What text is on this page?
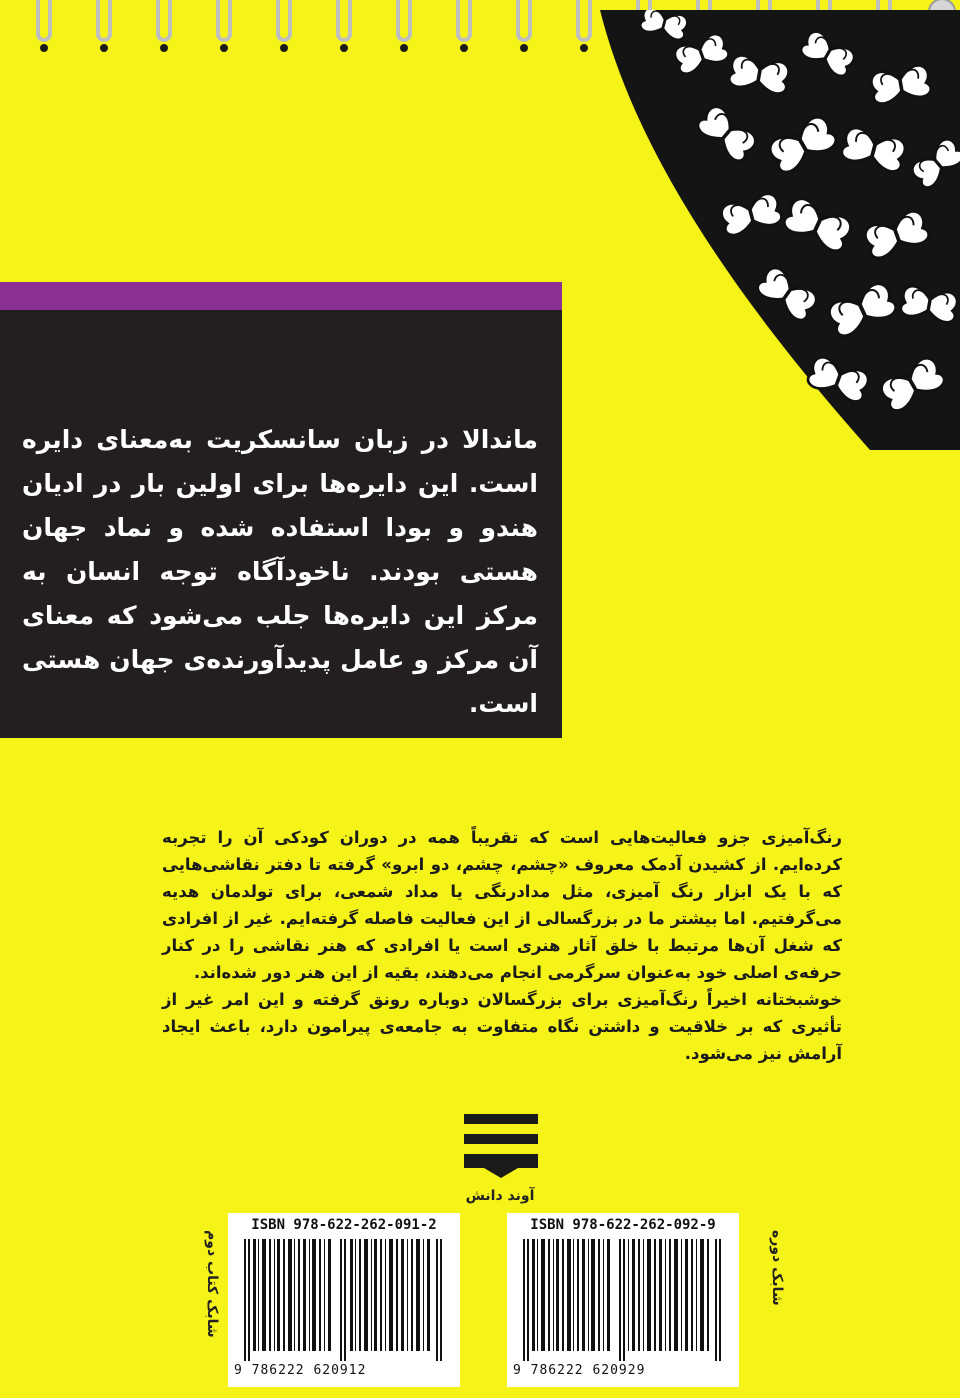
ماندالا در زبان سانسکریت به‌معنای دایره است. این دایره‌ها برای اولین بار در ادیان هندو و بودا استفاده شده و نماد جهان هستی بودند. ناخودآگاه توجه انسان به مرکز این دایره‌ها جلب می‌شود که معنای آن مرکز و عامل پدیدآورنده‌ی جهان هستی است.

رنگ‌آمیزی جزو فعالیت‌هایی است که تقریباً همه در دوران کودکی آن را تجربه کرده‌ایم. از کشیدن آدمک معروف «چشم، چشم، دو ابرو» گرفته تا دفتر نقاشی‌هایی که با یک ابزار رنگ آمیزی، مثل مدادرنگی یا مداد شمعی، برای تولدمان هدیه می‌گرفتیم. اما بیشتر ما در بزرگسالی از این فعالیت فاصله گرفته‌ایم. غیر از افرادی که شغل آن‌ها مرتبط با خلق آثار هنری است یا افرادی که هنر نقاشی را در کنار حرفه‌ی اصلی خود به‌عنوان سرگرمی انجام می‌دهند، بقیه از این هنر دور شده‌اند.

خوشبختانه اخیراً رنگ‌آمیزی برای بزرگسالان دوباره رونق گرفته و این امر غیر از تأثیری که بر خلاقیت و داشتن نگاه متفاوت به جامعه‌ی پیرامون دارد، باعث ایجاد آرامش نیز می‌شود.

آوند دانش
ISBN 978-622-262-091-2
9 786222 620912
شابک کتاب دوم
ISBN 978-622-262-092-9
9 786222 620929
شابک دوره
